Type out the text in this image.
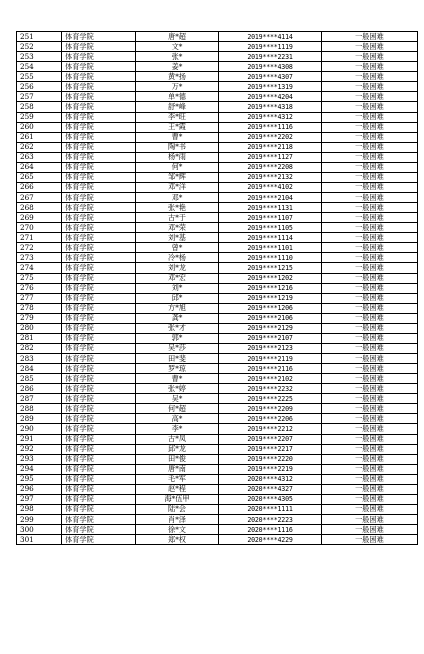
251	体育学院	唐*超	2019****4114	一般困难
252	体育学院	文*	2019****1119	一般困难
253	体育学院	张*	2019****2231	一般困难
254	体育学院	姜*	2019****4308	一般困难
255	体育学院	黄*扬	2019****4307	一般困难
256	体育学院	万*	2019****1319	一般困难
257	体育学院	单*德	2019****4204	一般困难
258	体育学院	舒*峰	2019****4318	一般困难
259	体育学院	李*旺	2019****4312	一般困难
260	体育学院	王*霞	2019****1116	一般困难
261	体育学院	曹*	2019****2202	一般困难
262	体育学院	陶*书	2019****2118	一般困难
263	体育学院	杨*雨	2019****1127	一般困难
264	体育学院	何*	2019****2208	一般困难
265	体育学院	邹*辉	2019****2132	一般困难
266	体育学院	邓*洋	2019****4102	一般困难
267	体育学院	邓*	2019****2104	一般困难
268	体育学院	张*艳	2019****1131	一般困难
269	体育学院	古*于	2019****1107	一般困难
270	体育学院	邓*荣	2019****1105	一般困难
271	体育学院	刘*基	2019****1114	一般困难
272	体育学院	曾*	2019****1101	一般困难
273	体育学院	冷*杨	2019****1110	一般困难
274	体育学院	刘*龙	2019****1215	一般困难
275	体育学院	邓*宏	2019****1202	一般困难
276	体育学院	刘*	2019****1216	一般困难
277	体育学院	邱*	2019****1219	一般困难
278	体育学院	方*旭	2019****1206	一般困难
279	体育学院	龚*	2019****2106	一般困难
280	体育学院	张*才	2019****2129	一般困难
281	体育学院	郭*	2019****2107	一般困难
282	体育学院	吴*莎	2019****2123	一般困难
283	体育学院	田*斐	2019****2119	一般困难
284	体育学院	罗*琼	2019****2116	一般困难
285	体育学院	曹*	2019****2102	一般困难
286	体育学院	张*婷	2019****2232	一般困难
287	体育学院	吴*	2019****2225	一般困难
288	体育学院	何*超	2019****2209	一般困难
289	体育学院	高*	2019****2206	一般困难
290	体育学院	李*	2019****2212	一般困难
291	体育学院	古*凤	2019****2207	一般困难
292	体育学院	邱*龙	2019****2217	一般困难
293	体育学院	田*俊	2019****2220	一般困难
294	体育学院	唐*南	2019****2219	一般困难
295	体育学院	毛*军	2020****4312	一般困难
296	体育学院	赵*程	2020****4327	一般困难
297	体育学院	海*伍甲	2020****4305	一般困难
298	体育学院	陆*会	2020****1111	一般困难
299	体育学院	肖*泽	2020****2223	一般困难
300	体育学院	徐*文	2020****1116	一般困难
301	体育学院	郑*权	2020****4229	一般困难
